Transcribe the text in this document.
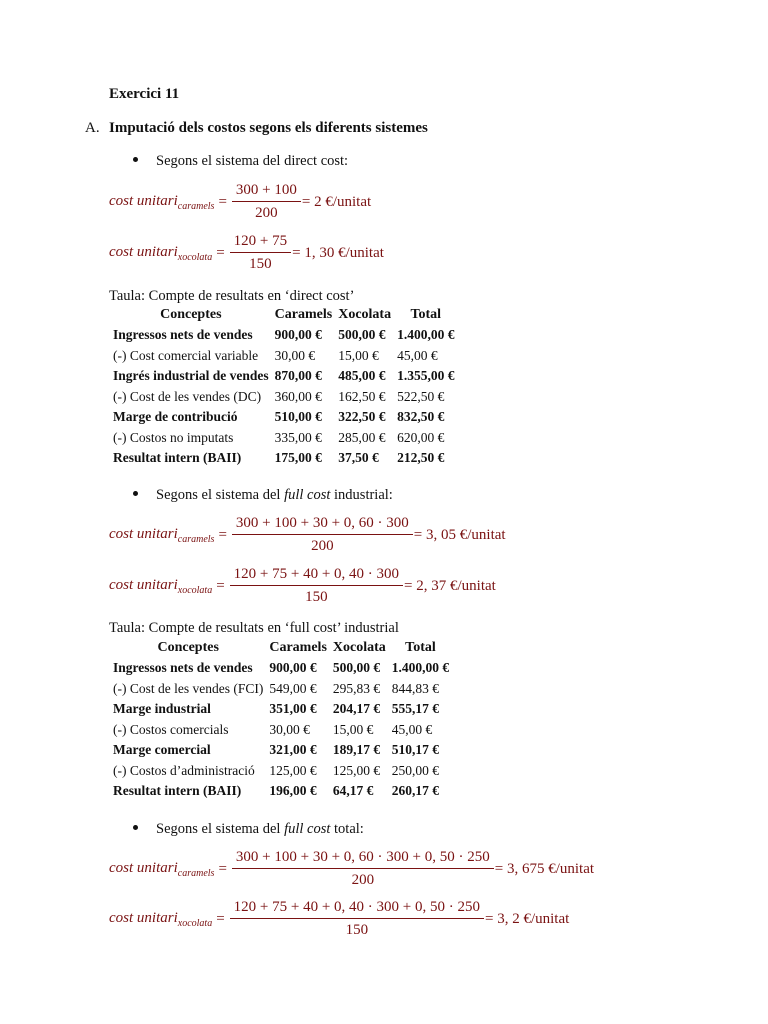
Exercici 11
A. Imputació dels costos segons els diferents sistemes
Segons el sistema del direct cost:
cost unitari$_{caramels}$ = $\frac{300 + 100}{200} = 2$ €/unitat
cost unitari$_{xocolata}$ = $\frac{120 + 75}{150} = 1$, 30 €/unitat
Taula: Compte de resultats en ‘direct cost’
Conceptes	Caramels	Xocolata	Total
Ingressos nets de vendes	900,00 €	500,00 €	1.400,00 €
(-) Cost comercial variable	30,00 €	15,00 €	45,00 €
Ingrés industrial de vendes	870,00 €	485,00 €	1.355,00 €
(-) Cost de les vendes (DC)	360,00 €	162,50 €	522,50 €
Marge de contribució	510,00 €	322,50 €	832,50 €
(-) Costos no imputats	335,00 €	285,00 €	620,00 €
Resultat intern (BAII)	175,00 €	37,50 €	212,50 €
Segons el sistema del full cost industrial:
cost unitari$_{caramels}$ = $\frac{300 + 100 + 30 + 0, 60 \cdot 300}{200} = 3$, 05 €/unitat
cost unitari$_{xocolata}$ = $\frac{120 + 75 + 40 + 0, 40 \cdot 300}{150} = 2$, 37 €/unitat
Taula: Compte de resultats en ‘full cost’ industrial
Conceptes	Caramels	Xocolata	Total
Ingressos nets de vendes	900,00 €	500,00 €	1.400,00 €
(-) Cost de les vendes (FCI)	549,00 €	295,83 €	844,83 €
Marge industrial	351,00 €	204,17 €	555,17 €
(-) Costos comercials	30,00 €	15,00 €	45,00 €
Marge comercial	321,00 €	189,17 €	510,17 €
(-) Costos d’administració	125,00 €	125,00 €	250,00 €
Resultat intern (BAII)	196,00 €	64,17 €	260,17 €
Segons el sistema del full cost total:
cost unitari$_{caramels}$ = $\frac{300 + 100 + 30 + 0, 60 \cdot 300 + 0, 50 \cdot 250}{200} = 3$, 675 €/unitat
cost unitari$_{xocolata}$ = $\frac{120 + 75 + 40 + 0, 40 \cdot 300 + 0, 50 \cdot 250}{150} = 3$, 2 €/unitat
